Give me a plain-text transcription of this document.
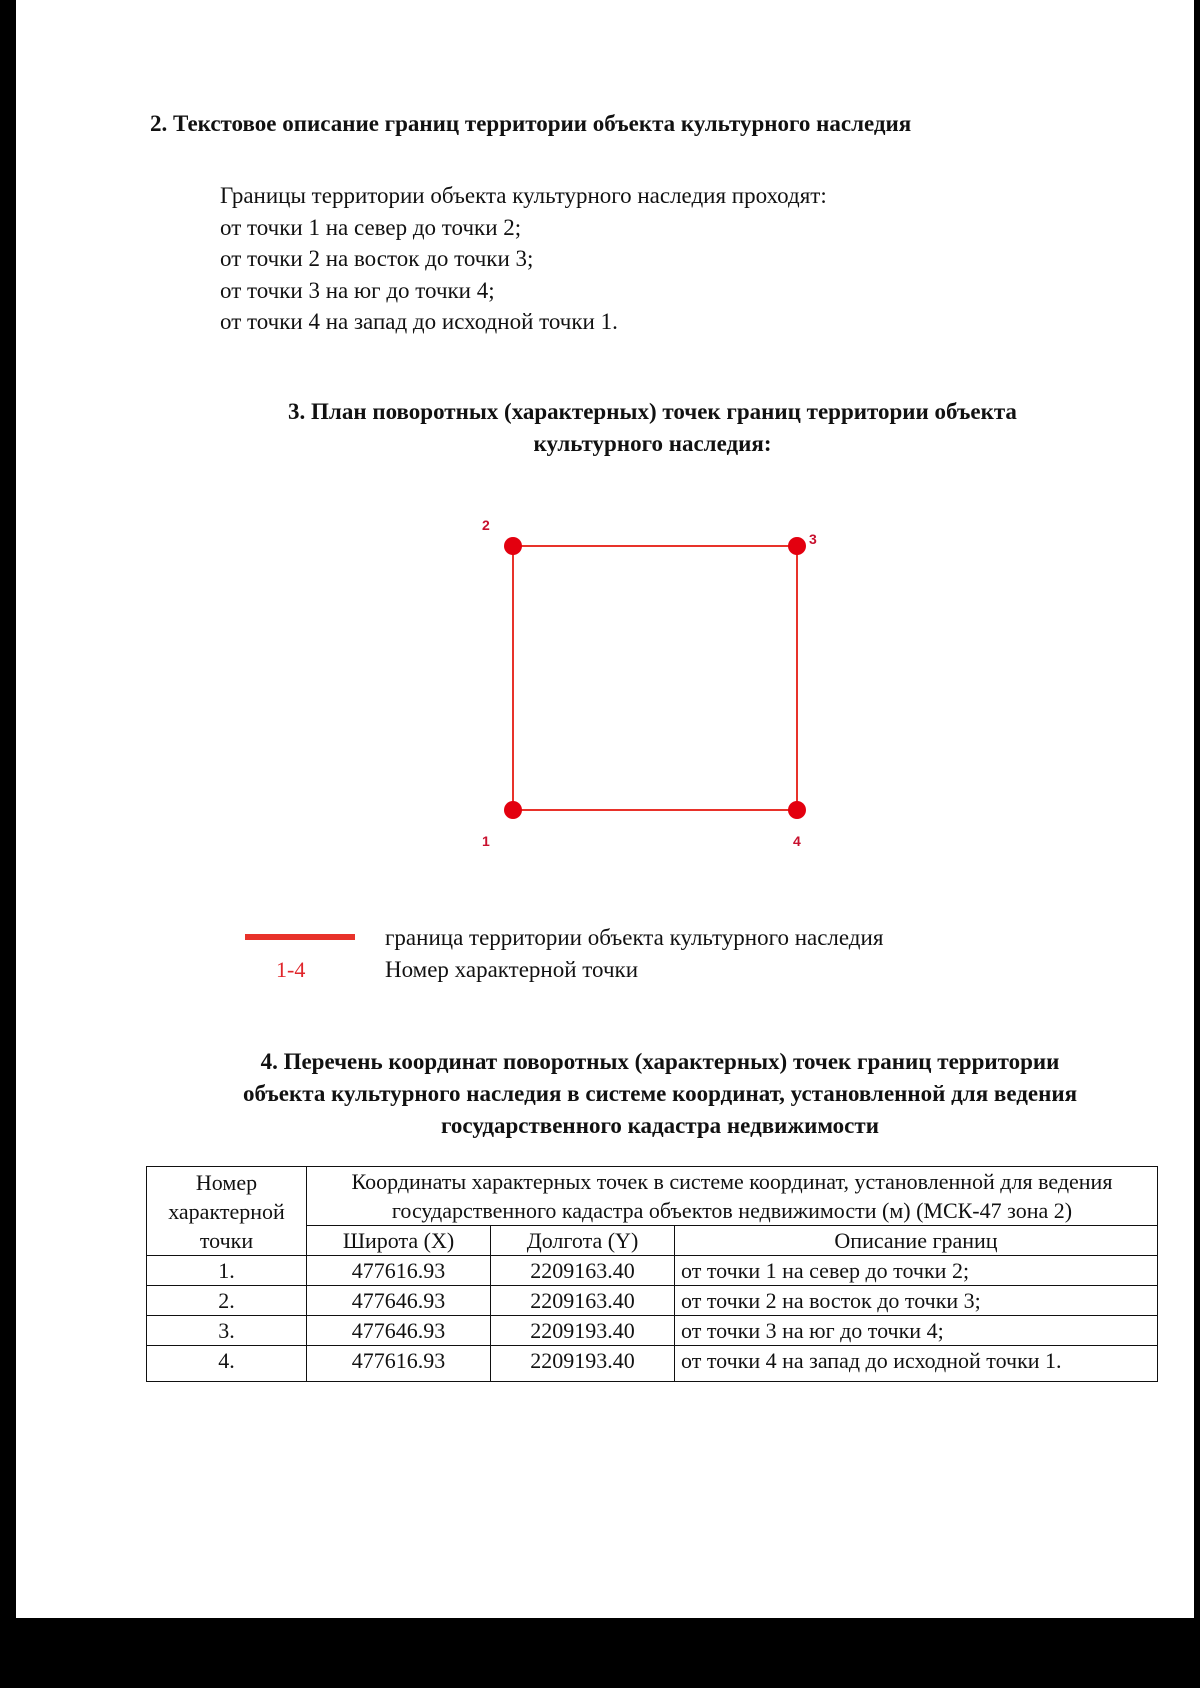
2. Текстовое описание границ территории объекта культурного наследия
Границы территории объекта культурного наследия проходят:
от точки 1 на север до точки 2;
от точки 2 на восток до точки 3;
от точки 3 на юг до точки 4;
от точки 4 на запад до исходной точки 1.
3. План поворотных (характерных) точек границ территории объекта
культурного наследия:
2
3
1	4
граница территории объекта культурного наследия
1-4	Номер характерной точки
4. Перечень координат поворотных (характерных) точек границ территории
объекта культурного наследия в системе координат, установленной для ведения
государственного кадастра недвижимости
Номер характерной точки	Координаты характерных точек в системе координат, установленной для ведения государственного кадастра объектов недвижимости (м) (МСК-47 зона 2)		
	Широта (X)	Долгота (Y)	Описание границ
1.	477616.93	2209163.40	от точки 1 на север до точки 2;
2.	477646.93	2209163.40	от точки 2 на восток до точки 3;
3.	477646.93	2209193.40	от точки 3 на юг до точки 4;
4.	477616.93	2209193.40	от точки 4 на запад до исходной точки 1.
